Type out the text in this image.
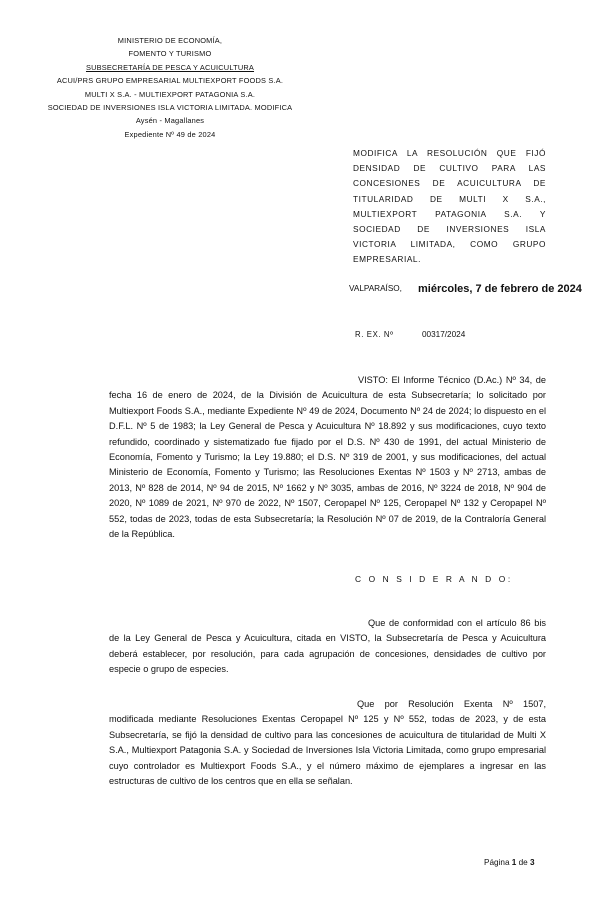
MINISTERIO DE ECONOMÍA,
FOMENTO Y TURISMO
SUBSECRETARÍA DE PESCA Y ACUICULTURA
ACUI/PRS GRUPO EMPRESARIAL MULTIEXPORT FOODS S.A.
MULTI X S.A. - MULTIEXPORT PATAGONIA S.A.
SOCIEDAD DE INVERSIONES ISLA VICTORIA LIMITADA. MODIFICA
Aysén - Magallanes
Expediente Nº 49 de 2024
MODIFICA LA RESOLUCIÓN QUE FIJÓ DENSIDAD DE CULTIVO PARA LAS CONCESIONES DE ACUICULTURA DE TITULARIDAD DE MULTI X S.A., MULTIEXPORT PATAGONIA S.A. Y SOCIEDAD DE INVERSIONES ISLA VICTORIA LIMITADA, COMO GRUPO EMPRESARIAL.
VALPARAÍSO, miércoles, 7 de febrero de 2024
R. EX. Nº	00317/2024
VISTO: El Informe Técnico (D.Ac.) Nº 34, de fecha 16 de enero de 2024, de la División de Acuicultura de esta Subsecretaría; lo solicitado por Multiexport Foods S.A., mediante Expediente Nº 49 de 2024, Documento Nº 24 de 2024; lo dispuesto en el D.F.L. Nº 5 de 1983; la Ley General de Pesca y Acuicultura Nº 18.892 y sus modificaciones, cuyo texto refundido, coordinado y sistematizado fue fijado por el D.S. Nº 430 de 1991, del actual Ministerio de Economía, Fomento y Turismo; la Ley 19.880; el D.S. Nº 319 de 2001, y sus modificaciones, del actual Ministerio de Economía, Fomento y Turismo; las Resoluciones Exentas Nº 1503 y Nº 2713, ambas de 2013, Nº 828 de 2014, Nº 94 de 2015, Nº 1662 y Nº 3035, ambas de 2016, Nº 3224 de 2018, Nº 904 de 2020, Nº 1089 de 2021, Nº 970 de 2022, Nº 1507, Ceropapel Nº 125, Ceropapel Nº 132 y Ceropapel Nº 552, todas de 2023, todas de esta Subsecretaría; la Resolución Nº 07 de 2019, de la Contraloría General de la República.
C O N S I D E R A N D O:
Que de conformidad con el artículo 86 bis de la Ley General de Pesca y Acuicultura, citada en VISTO, la Subsecretaría de Pesca y Acuicultura deberá establecer, por resolución, para cada agrupación de concesiones, densidades de cultivo por especie o grupo de especies.
Que por Resolución Exenta Nº 1507, modificada mediante Resoluciones Exentas Ceropapel Nº 125 y Nº 552, todas de 2023, y de esta Subsecretaría, se fijó la densidad de cultivo para las concesiones de acuicultura de titularidad de Multi X S.A., Multiexport Patagonia S.A. y Sociedad de Inversiones Isla Victoria Limitada, como grupo empresarial cuyo controlador es Multiexport Foods S.A., y el número máximo de ejemplares a ingresar en las estructuras de cultivo de los centros que en ella se señalan.
Página 1 de 3
